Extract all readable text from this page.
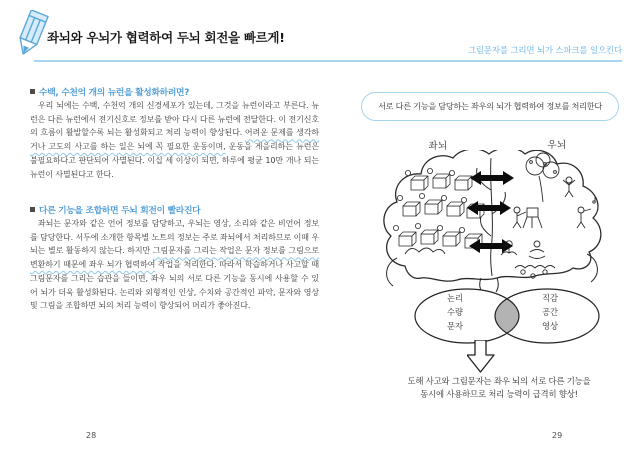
좌뇌와 우뇌가 협력하여 두뇌 회전을 빠르게!
그림문자를 그리면 뇌가 스파크를 일으킨다
수백, 수천억 개의 뉴런을 활성화하려면?

우리 뇌에는 수백, 수천억 개의 신경세포가 있는데, 그것을 뉴런이라고 부른다. 뉴런은 다른 뉴런에서 전기신호로 정보를 받아 다시 다른 뉴런에 전달한다. 이 전기신호의 흐름이 활발할수록 뇌는 활성화되고 처리 능력이 향상된다. 어려운 문제를 생각하거나 고도의 사고를 하는 일은 뇌에 꼭 필요한 운동이며, 운동을 게을리하는 뉴런은 불필요하다고 판단되어 사멸된다. 이십 세 이상이 되면, 하루에 평균 10만 개나 되는 뉴런이 사멸된다고 한다.

다른 기능을 조합하면 두뇌 회전이 빨라진다

좌뇌는 문자와 같은 언어 정보를 담당하고, 우뇌는 영상, 소리와 같은 비언어 정보를 담당한다. 서두에 소개한 항목별 노트의 정보는 주로 좌뇌에서 처리하므로 이때 우뇌는 별로 활동하지 않는다. 하지만 그림문자를 그리는 작업은 문자 정보를 그림으로 변환하기 때문에 좌우 뇌가 협력하여 작업을 처리한다. 따라서 학습하거나 사고할 때 그림문자를 그리는 습관을 들이면, 좌우 뇌의 서로 다른 기능을 동시에 사용할 수 있어 뇌가 더욱 활성화된다. 논리와 외형적인 인상, 수치와 공간적인 파악, 문자와 영상 및 그림을 조합하면 뇌의 처리 능력이 향상되어 머리가 좋아진다.

28
서로 다른 기능을 담당하는 좌우의 뇌가 협력하여 정보를 처리한다
좌뇌	우뇌
논리
수량
문자
직감
공간
영상
도해 사고와 그림문자는 좌우 뇌의 서로 다른 기능을
동시에 사용하므로 처리 능력이 급격히 향상!
29
